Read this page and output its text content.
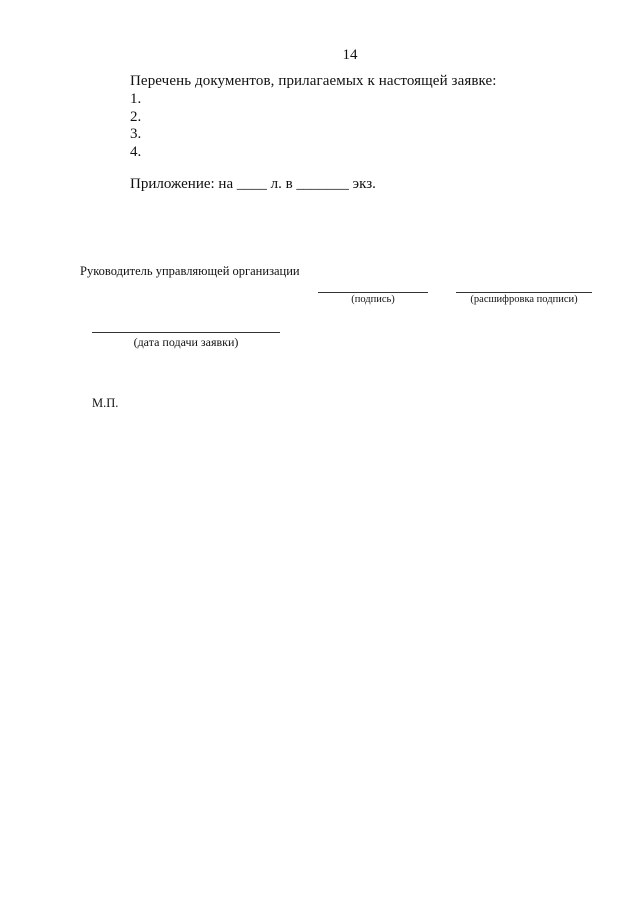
14
Перечень документов, прилагаемых к настоящей заявке:
1.
2.
3.
4.
Приложение: на ____ л. в _______ экз.
Руководитель управляющей организации
(подпись)	(расшифровка подписи)
(дата подачи заявки)
М.П.
